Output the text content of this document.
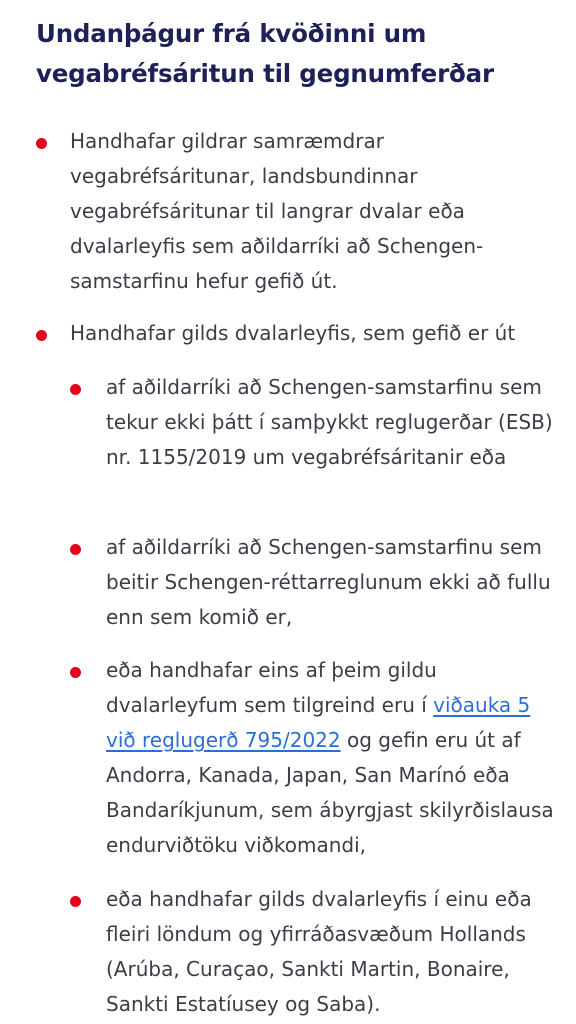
Undanþágur frá kvöðinni um vegabréfsáritun til gegnumferðar

Handhafar gildrar samræmdrar vegabréfsáritunar, landsbundinnar vegabréfsáritunar til langrar dvalar eða dvalarleyfis sem aðildarríki að Schengen-samstarfinu hefur gefið út.

Handhafar gilds dvalarleyfis, sem gefið er út

af aðildarríki að Schengen-samstarfinu sem tekur ekki þátt í samþykkt reglugerðar (ESB) nr. 1155/2019 um vegabréfsáritanir eða

af aðildarríki að Schengen-samstarfinu sem beitir Schengen-réttarreglunum ekki að fullu enn sem komið er,

eða handhafar eins af þeim gildu dvalarleyfum sem tilgreind eru í viðauka 5 við reglugerð 795/2022 og gefin eru út af Andorra, Kanada, Japan, San Marínó eða Bandaríkjunum, sem ábyrgjast skilyrðislausa endurviðtöku viðkomandi,

eða handhafar gilds dvalarleyfis í einu eða fleiri löndum og yfirráðasvæðum Hollands (Arúba, Curaçao, Sankti Martin, Bonaire, Sankti Estatíusey og Saba).
